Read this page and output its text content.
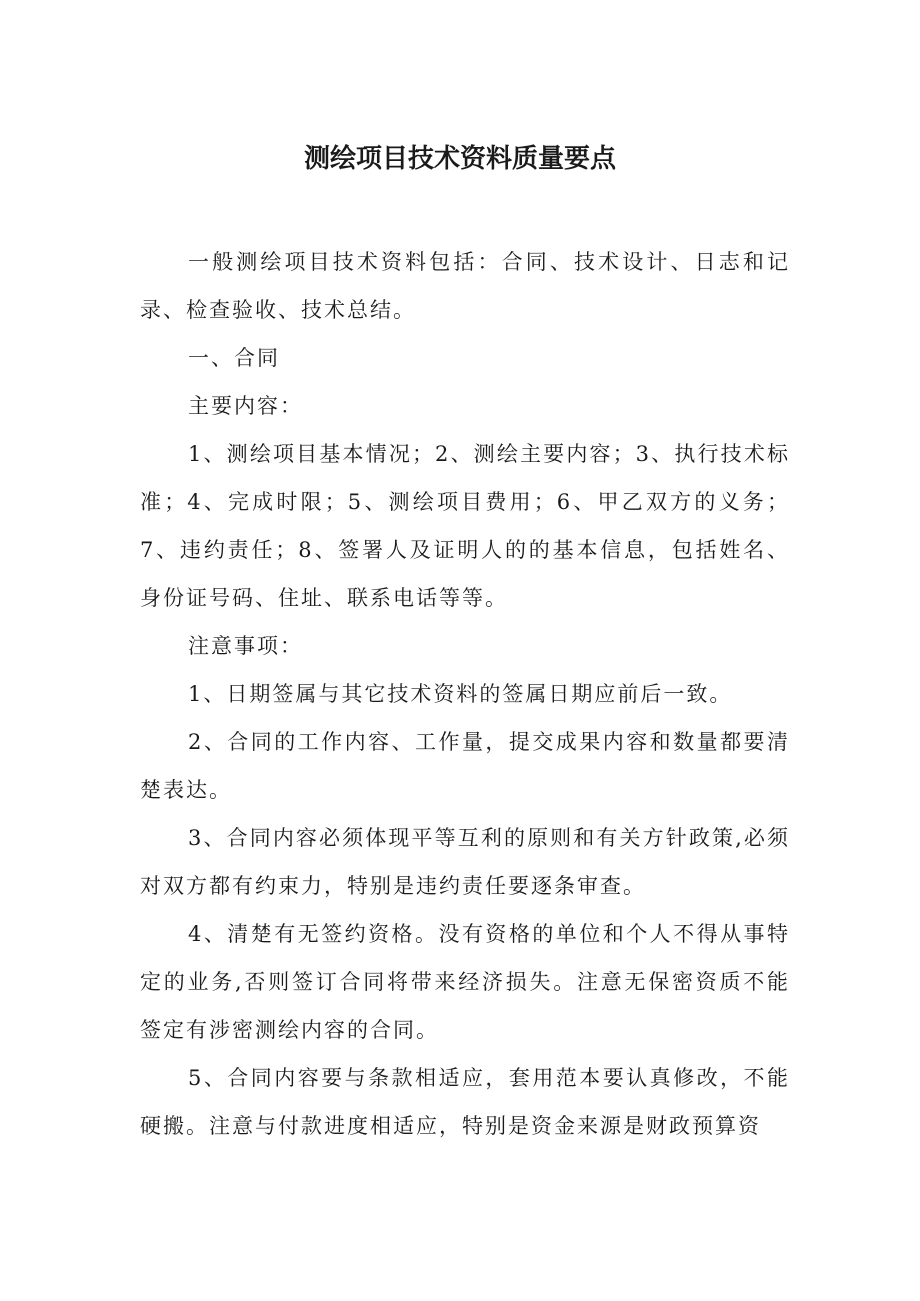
测绘项目技术资料质量要点

一般测绘项目技术资料包括：合同、技术设计、日志和记录、检查验收、技术总结。

一、合同

主要内容：

1、测绘项目基本情况；2、测绘主要内容；3、执行技术标准；4、完成时限；5、测绘项目费用；6、甲乙双方的义务；7、违约责任；8、签署人及证明人的的基本信息，包括姓名、身份证号码、住址、联系电话等等。

注意事项：

1、日期签属与其它技术资料的签属日期应前后一致。

2、合同的工作内容、工作量，提交成果内容和数量都要清楚表达。

3、合同内容必须体现平等互利的原则和有关方针政策,必须对双方都有约束力，特别是违约责任要逐条审查。

4、清楚有无签约资格。没有资格的单位和个人不得从事特定的业务,否则签订合同将带来经济损失。注意无保密资质不能签定有涉密测绘内容的合同。

5、合同内容要与条款相适应，套用范本要认真修改，不能硬搬。注意与付款进度相适应，特别是资金来源是财政预算资
